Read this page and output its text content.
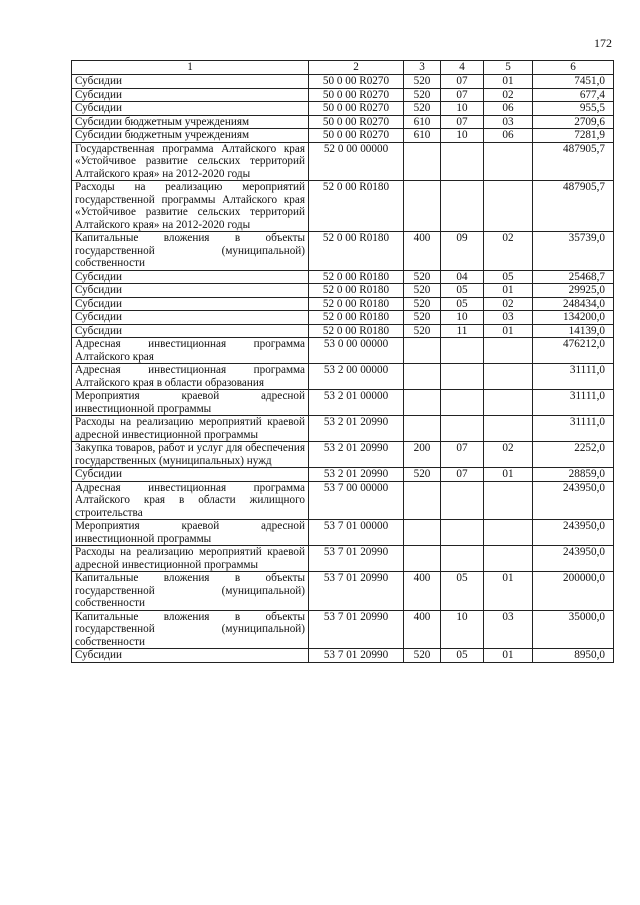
172
1	2	3	4	5	6
Субсидии	50 0 00 R0270	520	07	01	7451,0
Субсидии	50 0 00 R0270	520	07	02	677,4
Субсидии	50 0 00 R0270	520	10	06	955,5
Субсидии бюджетным учреждениям	50 0 00 R0270	610	07	03	2709,6
Субсидии бюджетным учреждениям	50 0 00 R0270	610	10	06	7281,9
Государственная программа Алтайского края «Устойчивое развитие сельских территорий Алтайского края» на 2012-2020 годы	52 0 00 00000				487905,7
Расходы на реализацию мероприятий государственной программы Алтайского края «Устойчивое развитие сельских территорий Алтайского края» на 2012-2020 годы	52 0 00 R0180				487905,7
Капитальные вложения в объекты государственной (муниципальной) собственности	52 0 00 R0180	400	09	02	35739,0
Субсидии	52 0 00 R0180	520	04	05	25468,7
Субсидии	52 0 00 R0180	520	05	01	29925,0
Субсидии	52 0 00 R0180	520	05	02	248434,0
Субсидии	52 0 00 R0180	520	10	03	134200,0
Субсидии	52 0 00 R0180	520	11	01	14139,0
Адресная инвестиционная программа Алтайского края	53 0 00 00000				476212,0
Адресная инвестиционная программа Алтайского края в области образования	53 2 00 00000				31111,0
Мероприятия краевой адресной инвестиционной программы	53 2 01 00000				31111,0
Расходы на реализацию мероприятий краевой адресной инвестиционной программы	53 2 01 20990				31111,0
Закупка товаров, работ и услуг для обеспечения государственных (муниципальных) нужд	53 2 01 20990	200	07	02	2252,0
Субсидии	53 2 01 20990	520	07	01	28859,0
Адресная инвестиционная программа Алтайского края в области жилищного строительства	53 7 00 00000				243950,0
Мероприятия краевой адресной инвестиционной программы	53 7 01 00000				243950,0
Расходы на реализацию мероприятий краевой адресной инвестиционной программы	53 7 01 20990				243950,0
Капитальные вложения в объекты государственной (муниципальной) собственности	53 7 01 20990	400	05	01	200000,0
Капитальные вложения в объекты государственной (муниципальной) собственности	53 7 01 20990	400	10	03	35000,0
Субсидии	53 7 01 20990	520	05	01	8950,0
